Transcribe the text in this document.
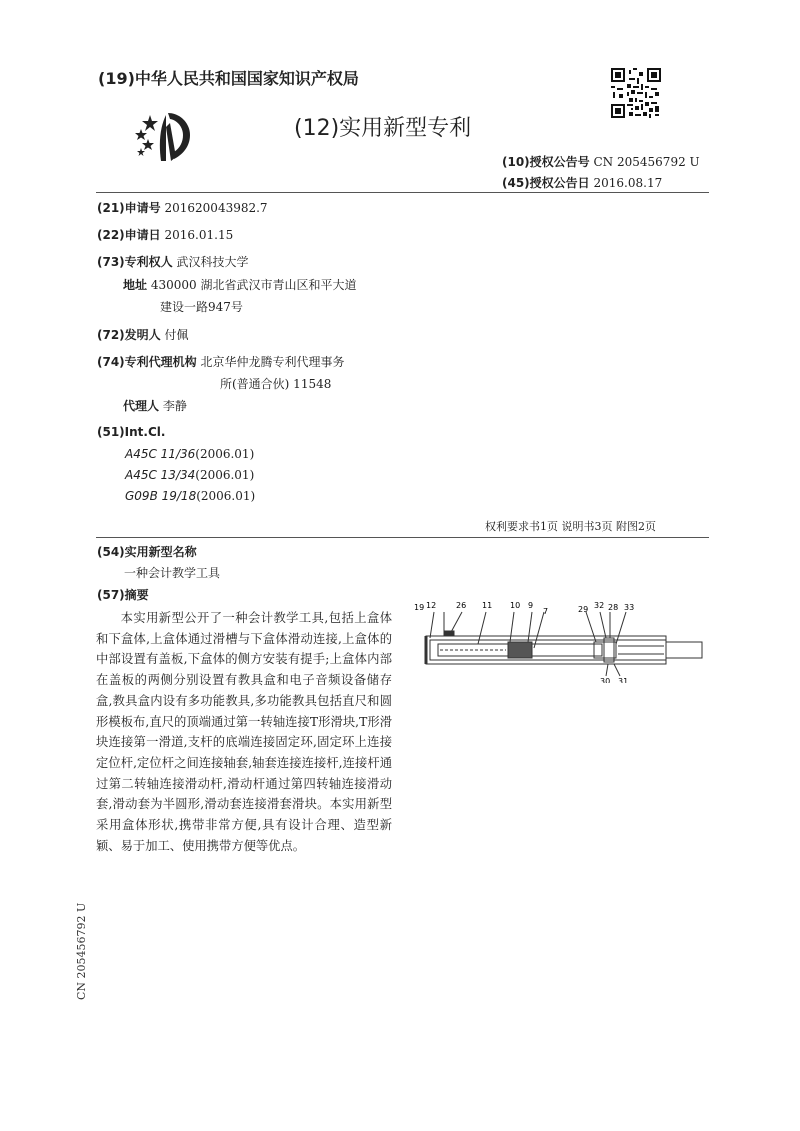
(19)中华人民共和国国家知识产权局
(12)实用新型专利
(10)授权公告号 CN 205456792 U
(45)授权公告日 2016.08.17
(21)申请号 201620043982.7
(22)申请日 2016.01.15
(73)专利权人 武汉科技大学
地址 430000 湖北省武汉市青山区和平大道
建设一路947号
(72)发明人 付佩
(74)专利代理机构 北京华仲龙腾专利代理事务
所(普通合伙) 11548
代理人 李静
(51)Int.Cl.
A45C 11/36(2006.01)
A45C 13/34(2006.01)
G09B 19/18(2006.01)
权利要求书1页 说明书3页 附图2页
(54)实用新型名称
一种会计教学工具
(57)摘要
本实用新型公开了一种会计教学工具,包括上盒体和下盒体,上盒体通过滑槽与下盒体滑动连接,上盒体的中部设置有盖板,下盒体的侧方安装有提手;上盒体内部在盖板的两侧分别设置有教具盒和电子音频设备储存盒,教具盒内设有多功能教具,多功能教具包括直尺和圆形模板布,直尺的顶端通过第一转轴连接T形滑块,T形滑块连接第一滑道,支杆的底端连接固定环,固定环上连接定位杆,定位杆之间连接轴套,轴套连接连接杆,连接杆通过第二转轴连接滑动杆,滑动杆通过第四转轴连接滑动套,滑动套为半圆形,滑动套连接滑套滑块。本实用新型采用盒体形状,携带非常方便,具有设计合理、造型新颖、易于加工、使用携带方便等优点。
19 12 26 11 10 9
7	29 32 28 33
30 31
CN 205456792 U
